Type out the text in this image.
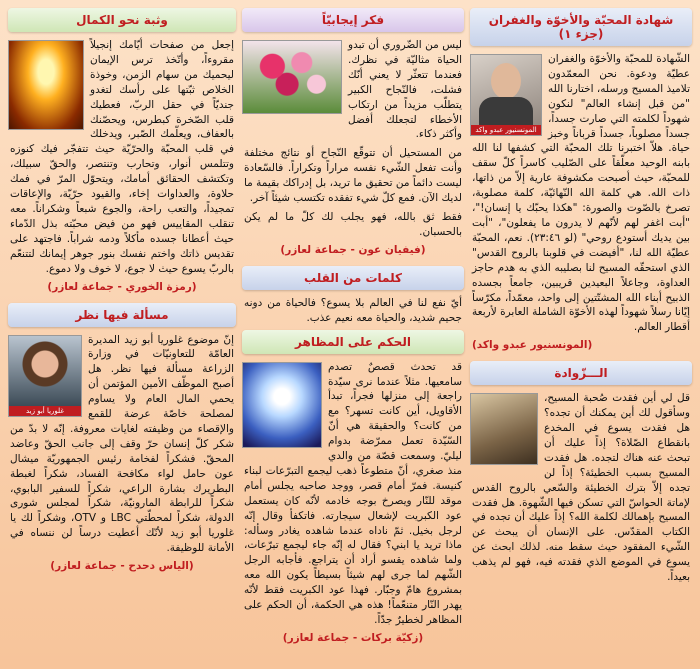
شهادة المحبّة والأخوّة والغفران (جزء ١)
المونسنيور عبدو واكد
الشّهادة للمحبّة والأخوّة والغفران عطيّة ودعوة. نحن المعمّدون تلاميذ المسيح ورسله، اختارنا الله "من قبل إنشاء العالم" لنكون شهوداً لكلمته التي صارت جسداً، جسداً مصلوباً، جسداً قرباناً وخبز حياة. هلاّ اختبرنا تلك المحبّة التي كشفها لنا الله بابنه الوحيد معلّقاً على الصّليب كاسراً كلّ سقف للمحبّة، حيث أصبحت مكشوفة عارية إلاّ من ذاتها، ذات الله. هي كلمة الله النّهائيّة، كلمة مصلوبة، تصرخ بالصّوت والصورة: "هكذا يحبّك يا إنسان!"، "أبت اغفر لهم لأنّهم لا يدرون ما يفعلون"، "أبت بين يديك أستودع روحي" (لو ٢٣:٤٦). نعم، المحبّة عطيّة الله لنا، "أفيضت في قلوبنا بالروح القدس" الذي استحقّه المسيح لنا بصليبه الذي به هدم حاجز العداوة، وجاعلاً البعيدين قريبين، جامعاً بجسده الذبيح أبناء الله المشتّتين إلى واحد، معمّداً، مكرّساً إيّانا رسلاً شهوداً لهذه الأخوّة الشاملة العابرة لأربعة أقطار العالم.
(المونسنيور عبدو واكد)
الـــزّوادة
قل لي أين فقدت صُحبة المسيح، وسأقول لك أين يمكنك أن تجده؟ هل فقدت يسوع في المخدع بانقطاع الصّلاة؟ إذاً عليك أن تبحث عنه هناك لتجده. هل فقدت المسيح بسبب الخطيئة؟ إذاً لن تجده إلاّ بترك الخطيئة والسّعي بالروح القدس لإماتة الحواسّ التي تسكن فيها الشّهوة. هل فقدت المسيح بإهمالك لكلمة الله؟ إذاً عليك أن تجده في الكتاب المقدّس. على الإنسان أن يبحث عن الشّيء المفقود حيث سقط منه. لذلك ابحث عن يسوع في الموضع الذي فقدته فيه، فهو لم يذهب بعيداً.
فكر إيجابيّاً
ليس من الضّروري أن تبدو الحياة مثاليّة في نظرك. فعندما تتعثّر لا يعني أنّك فشلت، فالنّجاح الكبير يتطلّب مزيداً من ارتكاب الأخطاء لتجعلك أفضل وأكثر ذكاء.
من المستحيل أن تتوقّع النّجاح أو نتائج مختلفة وأنت تفعل الشّيء نفسه مراراً وتكراراً. فالسّعادة ليست دائماً من تحقيق ما تريد، بل إدراكك بقيمة ما لديك الآن. فمع كلّ شيء تفقده تكتسب شيئاً آخر.
فقط ثق بالله، فهو يجلب لك كلّ ما لم يكن بالحسبان.
(فيفيان عون - جماعة لعازر)
كلمات من القلب
أيّ نفع لنا في العالم بلا يسوع؟ فالحياة من دونه جحيم شديد، والحياة معه نعيم عذب.
الحكم على المظاهر
قد تحدث قصصٌ تصدم سامعيها. مثلاً عندما نرى سيّدة راجعة إلى منزلها فجراً، تبدأ الأقاويل، أين كانت تسهر؟ مع من كانت؟ والحقيقة هي أنّ السّيّدة تعمل ممرّضة بدوام ليليّ. وسمعت قصّة من والدي منذ صغري، أنّ متطوعاً ذهب ليجمع التبرّعات لبناء كنيسة. فمرّ أمام قصر، ووجد صاحبه يجلس أمام موقد للنّار ويصرخ بوجه خادمه لأنّه كان يستعمل عود الكبريت لإشعال سيجارته. فاتكفأ وقال إنّه لرجل بخيل. ثمّ ناداه عندما شاهده يغادر وسأله: ماذا تريد يا ابني؟ فقال له إنّه جاء ليجمع تبرّعات، ولما شاهده يقسو أراد أن يتراجع. فأجابه الرجل الشّهم لما جرى لهم شيئاً بسيطاً يكون الله معه بمشروع هامّ وجبّار. فهذا عود الكبريت فقط لأنّه يهدر النّار متنعّماً! هذه هي الحكمة، أن الحكم على المظاهر لخطيرٌ جدّاً.
(زكيّة بركات - جماعة لعازر)
وثبة نحو الكمال
إجعل من صفحات أيّامك إنجيلاً مقروءاً، وأتّخذ ترس الإيمان ليحميك من سهام الزمن، وخوذة الخلاص ثبّتها على رأسك لتغدو جنديّاً في حقل الربّ، فعطيك قلب الصّخرة كبطرس، ويحصّنك بالعفاف، ويعلّمك الصّبر، ويدخلك في قلب المحبّة والحرّيّة حيث تتفجّر فيك كنوزه وتتلمس أنوار، وتحارب وتنتصر، والحقّ سبيلك، وتكتشف الحقائق أمامك، ويتحوّل المرّ في فمك حلاوة، والعداوات إخاء، والقيود حرّيّة، والإعاقات تمجيداً، والتعب راحة، والجوع شبعاً وشكراناً. معه تنقلب المقاييس فهو من فيض محبّته بذل الدّماء حيث أعطانا جسده مأكلاً ودمه شراباً. فاجتهد على تقديس ذاتك واختم نفسك بنور جوهر إيمانك لتتنعّم بالربّ يسوع حيث لا جوع، لا خوف ولا دموع.
(رمزة الخوري - جماعة لعازر)
مسألة فيها نظر
غلوريا أبو زيد
إنّ موضوع غلوريا أبو زيد المديرة العامّة للتعاونيّات في وزارة الزراعة مسألة فيها نظر. هل أصبح الموظّف الأمين المؤتمن أن يحمي المال العام ولا يساوم لمصلحة خاصّة عرضة للقمع والإقصاء من وظيفته لغايات معروفة. إنّه لا بدّ من شكر كلّ إنسان حرّ وقف إلى جانب الحقّ وعاضد المحقّ. فشكراً لفخامة رئيس الجمهوريّة ميشال عون حامل لواء مكافحة الفساد، شكراً لغبطة البطريرك بشارة الراعي، شكراً للسفير البابوي، شكراً للرابطة المارونيّة، شكراً لمجلس شورى الدولة، شكراً لمحطّتي LBC و OTV، وشكراً لك يا غلوريا أبو زيد لأنّك أعطيت درساً لن ننساه في الأمانة للوظيفة.
(الياس دحدح - جماعة لعازر)
